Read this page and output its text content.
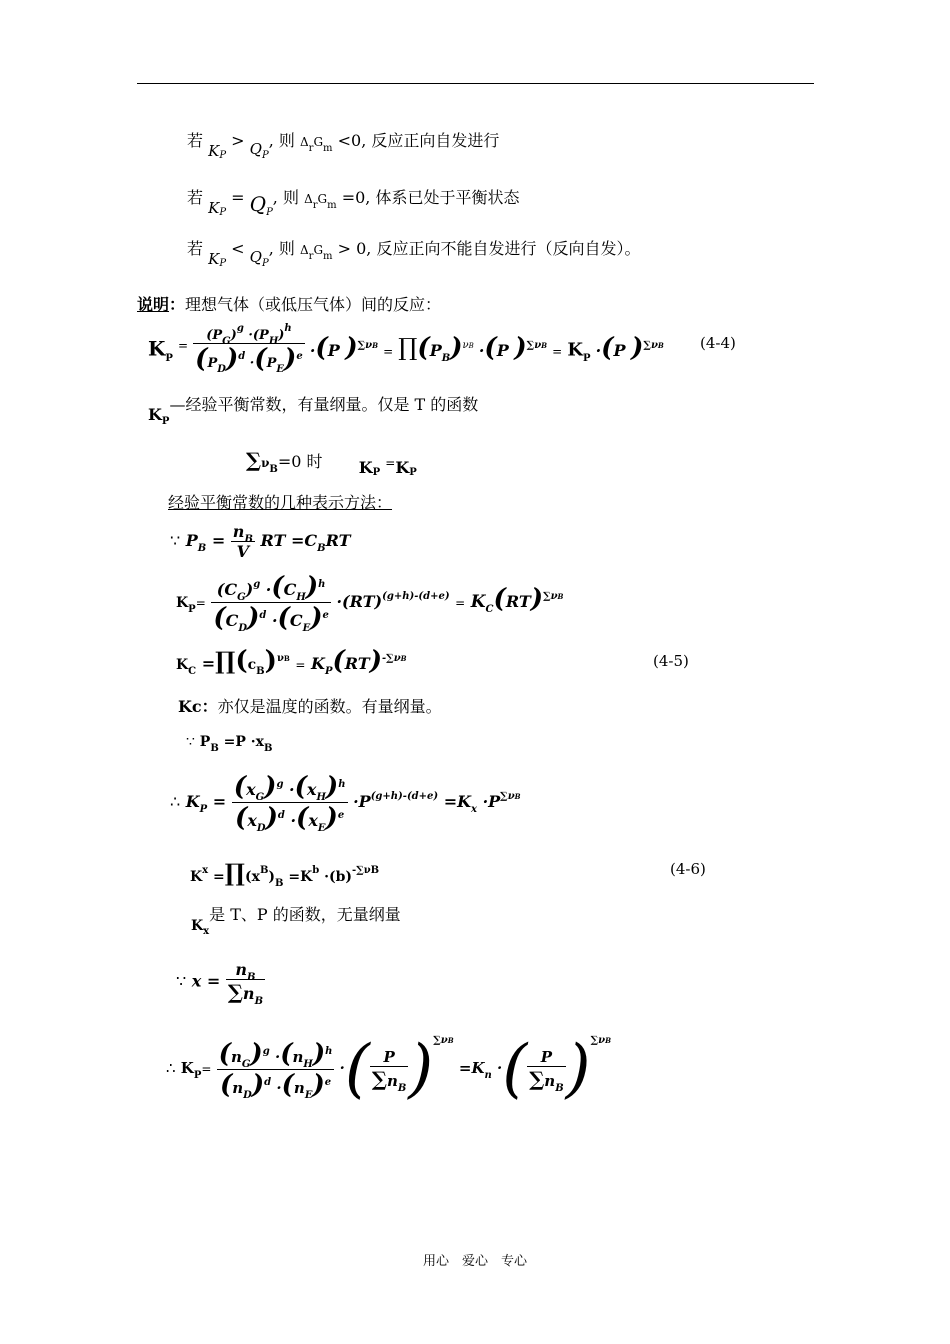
若 $K_P > Q_P$, 则 $\Delta_rG_m <0$, 反应正向自发进行
若 $K_P = Q_P$, 则 $\Delta_rG_m =0$, 体系已处于平衡状态
若 $K_P < Q_P$, 则 $\Delta_rG_m > 0$, 反应正向不能自发进行（反向自发）。
说明：理想气体（或低压气体）间的反应：
$K_P$ $^= \frac{(P_G)^g \cdot(P_H)^h}{(P_D)^d \cdot(P_E)^e} \cdot(P$ )$^{\sum\nu B} = \prod(P_B)^{\nu B} \cdot(P$ )$^{\sum\nu B} = K_P \cdot(P$ )$^{\sum\nu B}$ (4-4)
$K_P—$经验平衡常数，有量纲量。仅是 T 的函数
$\sum\nu_B=0$ 时 $K_P =K_P$
经验平衡常数的几种表示方法：
∵ $P_B = \frac{n_B}{V}$ RT $=C_BRT$
$K_P= \frac{(C_G)^g \cdot(C_H)^h}{(C_D)^d \cdot(C_E)^e} \cdot(RT)^{(g+h)-(d+e)} = K_C(RT)^{\sum\nu B}$
$K_C$ $=\prod(c_B)^{\nu B} = K_P(RT)^{-\sum\nu B}$	(4-5)
Kc：亦仅是温度的函数。有量纲量。
∵ $P_B =P \cdot x_B$
∴ $K_P = \frac{(x_G)^g \cdot(x_H)^h}{(x_D)^d \cdot(x_E)^e} \cdot P^{(g+h)-(d+e)} =K_x \cdot P^{\sum\nu B}$
$K^x$ $=\prod(x^B)_B =K^b \cdot(b)^{-\sum\nu B}$	(4-6)
$K_x$是 T、P 的函数，无量纲量
∵ $x = \frac{n_B}{\sum n_B}$
∴ $K_P= \frac{(n_G)^g \cdot(n_H)^h}{(n_D)^d \cdot(n_E)^e}$ ·( $\frac{P}{\sum n_B} )^{\sum\nu B} =K_n$ ·( $\frac{P}{\sum n_B} )^{\sum\nu B}$
用心　爱心　专心
